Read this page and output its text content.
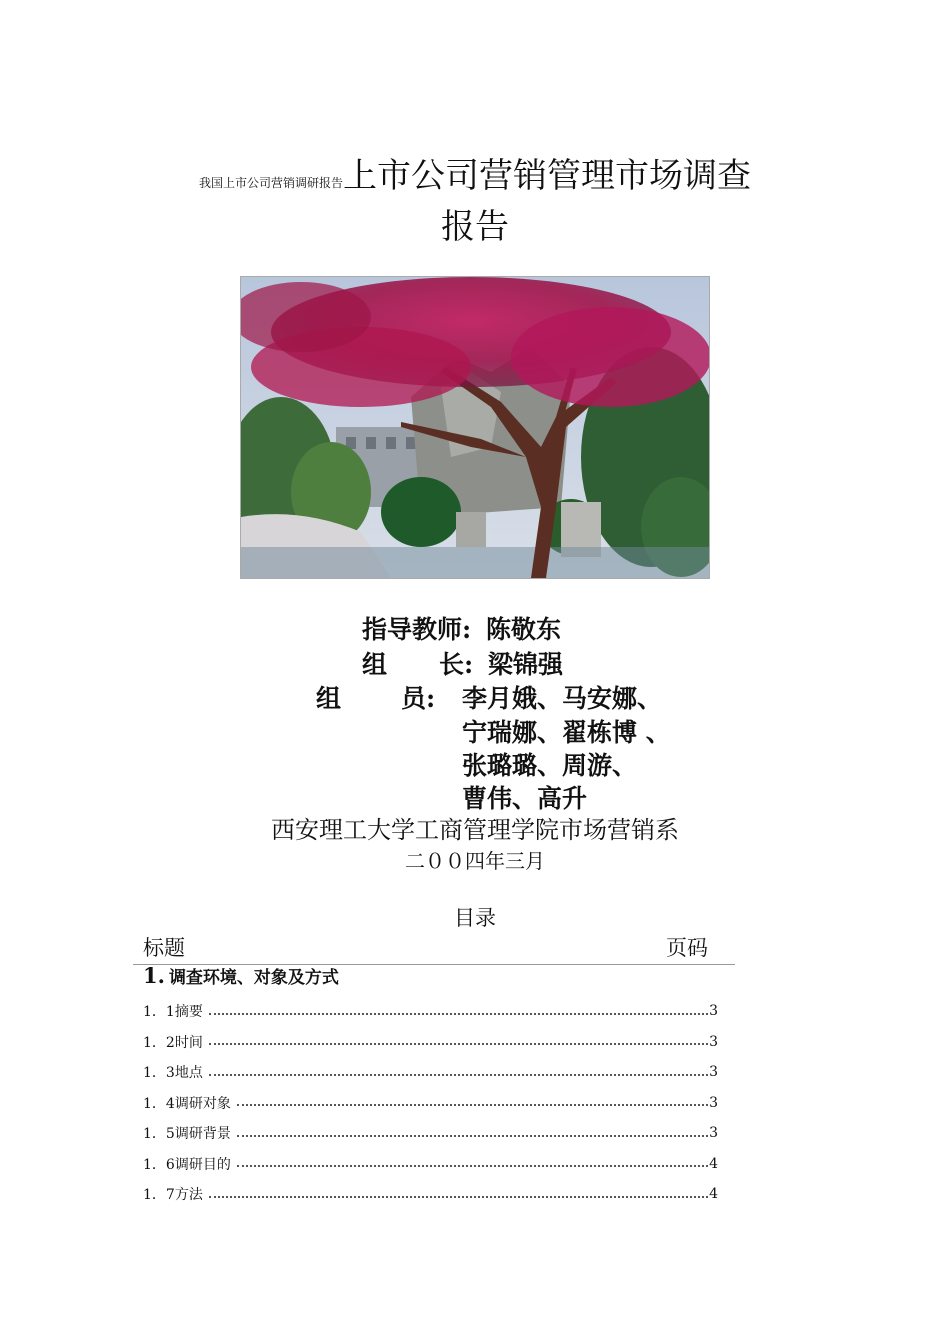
我国上市公司营销调研报告上市公司营销管理市场调查
报告
指导教师: 陈敬东
组 长: 梁锦强
组 员: 李月娥、马安娜、
宁瑞娜、翟栋博 、
张璐璐、周游、
曹伟、高升
西安理工大学工商管理学院市场营销系
二００四年三月
目录
标题	页码
1. 调查环境、对象及方式
1．1摘要	3
1．2时间	3
1．3地点	3
1．4调研对象	3
1．5调研背景	3
1．6调研目的	4
1．7方法	4
